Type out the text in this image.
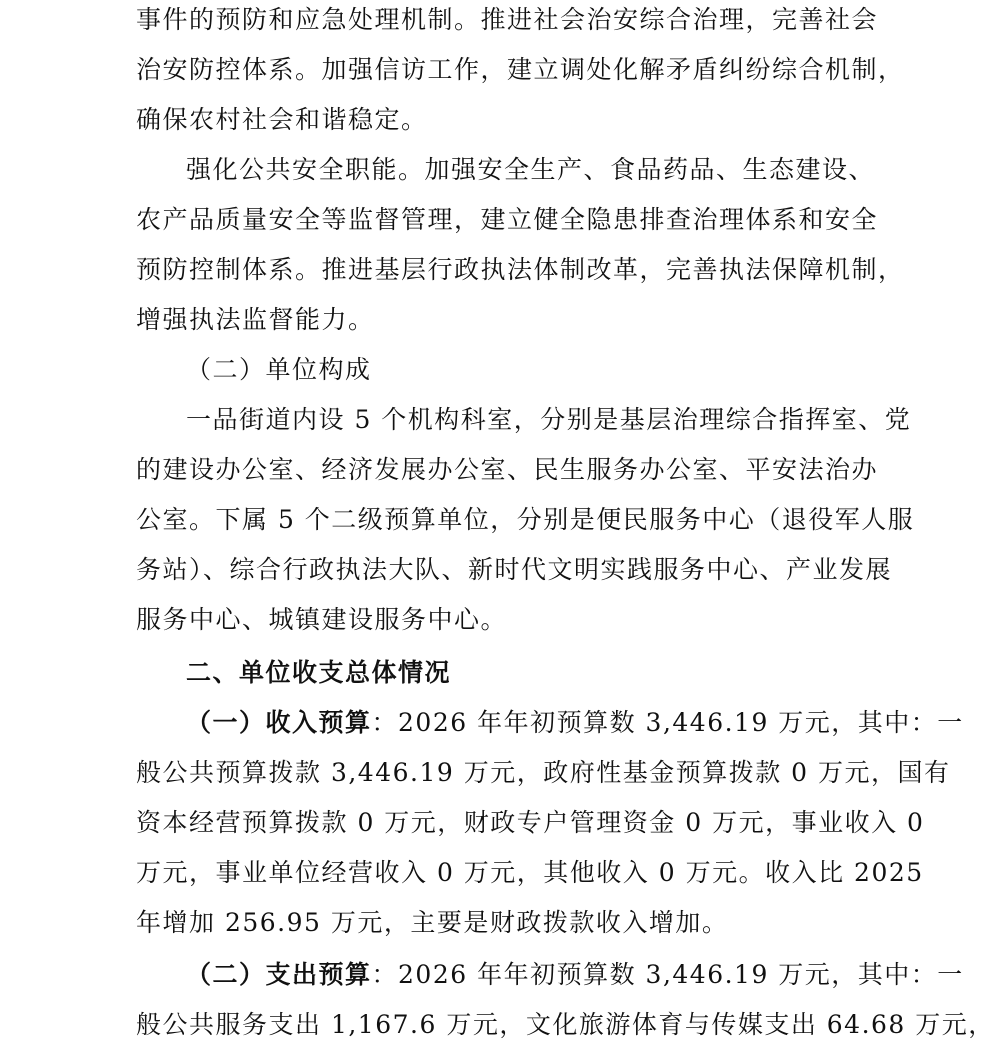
事件的预防和应急处理机制。推进社会治安综合治理，完善社会
治安防控体系。加强信访工作，建立调处化解矛盾纠纷综合机制，
确保农村社会和谐稳定。
强化公共安全职能。加强安全生产、食品药品、生态建设、
农产品质量安全等监督管理，建立健全隐患排查治理体系和安全
预防控制体系。推进基层行政执法体制改革，完善执法保障机制，
增强执法监督能力。
（二）单位构成
一品街道内设 5 个机构科室，分别是基层治理综合指挥室、党
的建设办公室、经济发展办公室、民生服务办公室、平安法治办
公室。下属 5 个二级预算单位，分别是便民服务中心（退役军人服
务站）、综合行政执法大队、新时代文明实践服务中心、产业发展
服务中心、城镇建设服务中心。
二、单位收支总体情况
（一）收入预算：2026 年年初预算数 3,446.19 万元，其中：一
般公共预算拨款 3,446.19 万元，政府性基金预算拨款 0 万元，国有
资本经营预算拨款 0 万元，财政专户管理资金 0 万元，事业收入 0
万元，事业单位经营收入 0 万元，其他收入 0 万元。收入比 2025
年增加 256.95 万元，主要是财政拨款收入增加。
（二）支出预算：2026 年年初预算数 3,446.19 万元，其中：一
般公共服务支出 1,167.6 万元，文化旅游体育与传媒支出 64.68 万元，
